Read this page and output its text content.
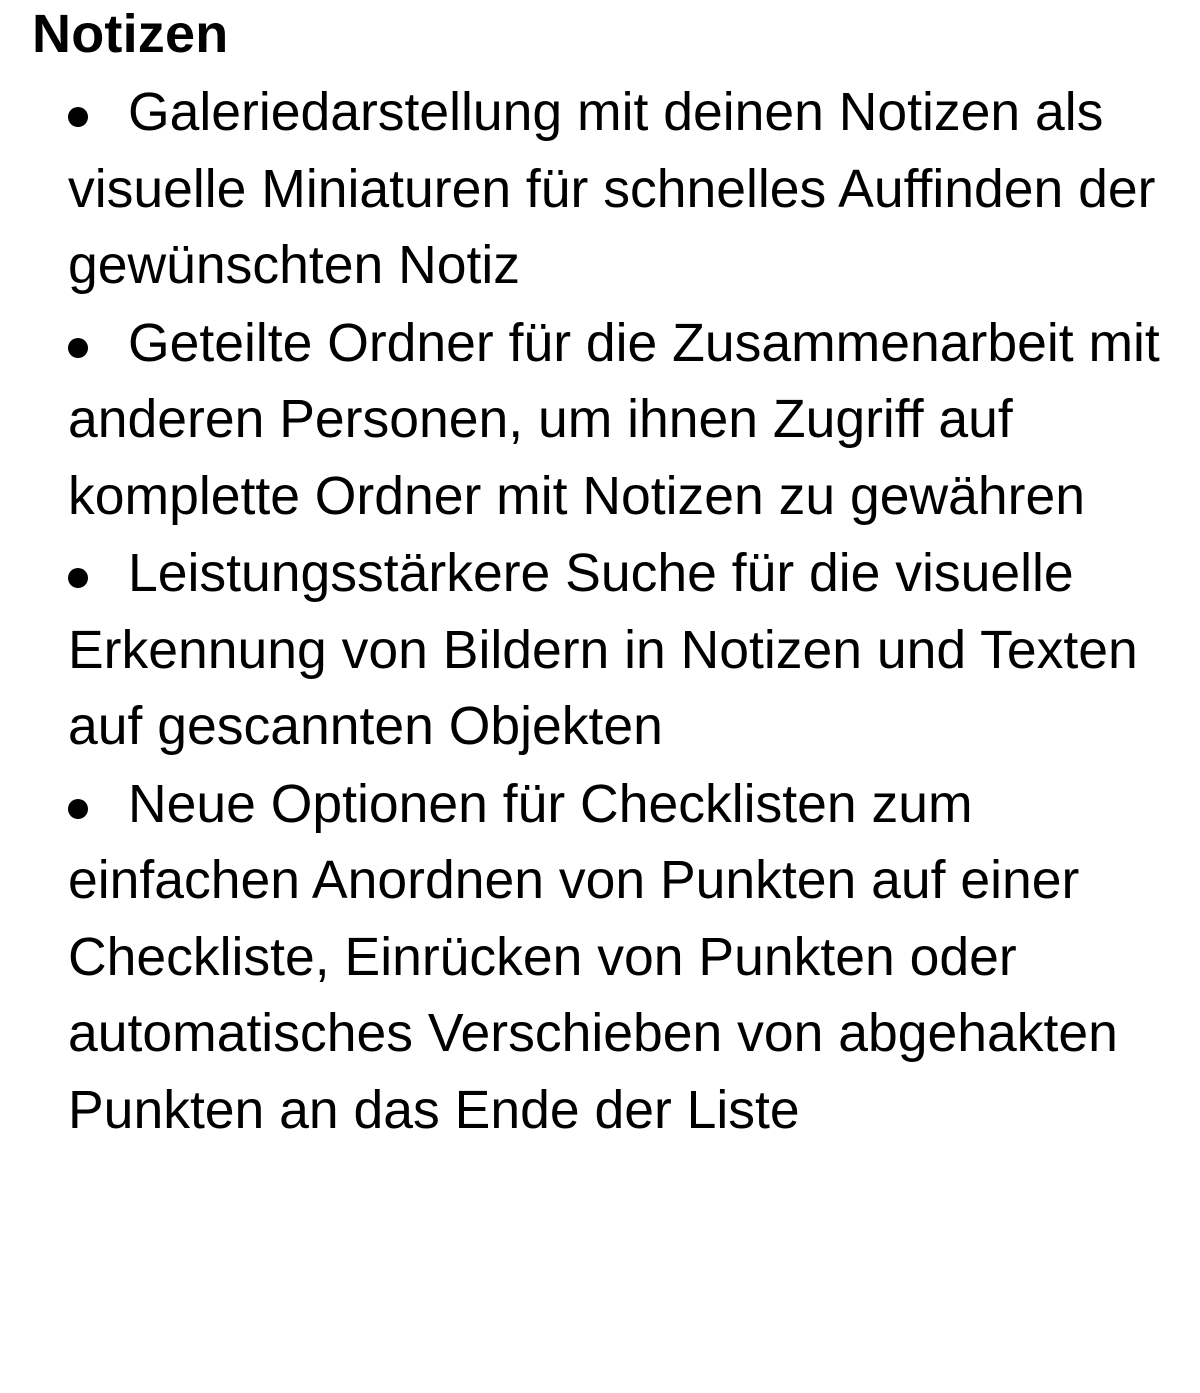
Notizen
Galeriedarstellung mit deinen Notizen als visuelle Miniaturen für schnelles Auffinden der gewünschten Notiz
Geteilte Ordner für die Zusammenarbeit mit anderen Personen, um ihnen Zugriff auf komplette Ordner mit Notizen zu gewähren
Leistungsstärkere Suche für die visuelle Erkennung von Bildern in Notizen und Texten auf gescannten Objekten
Neue Optionen für Checklisten zum einfachen Anordnen von Punkten auf einer Checkliste, Einrücken von Punkten oder automatisches Verschieben von abgehakten Punkten an das Ende der Liste
